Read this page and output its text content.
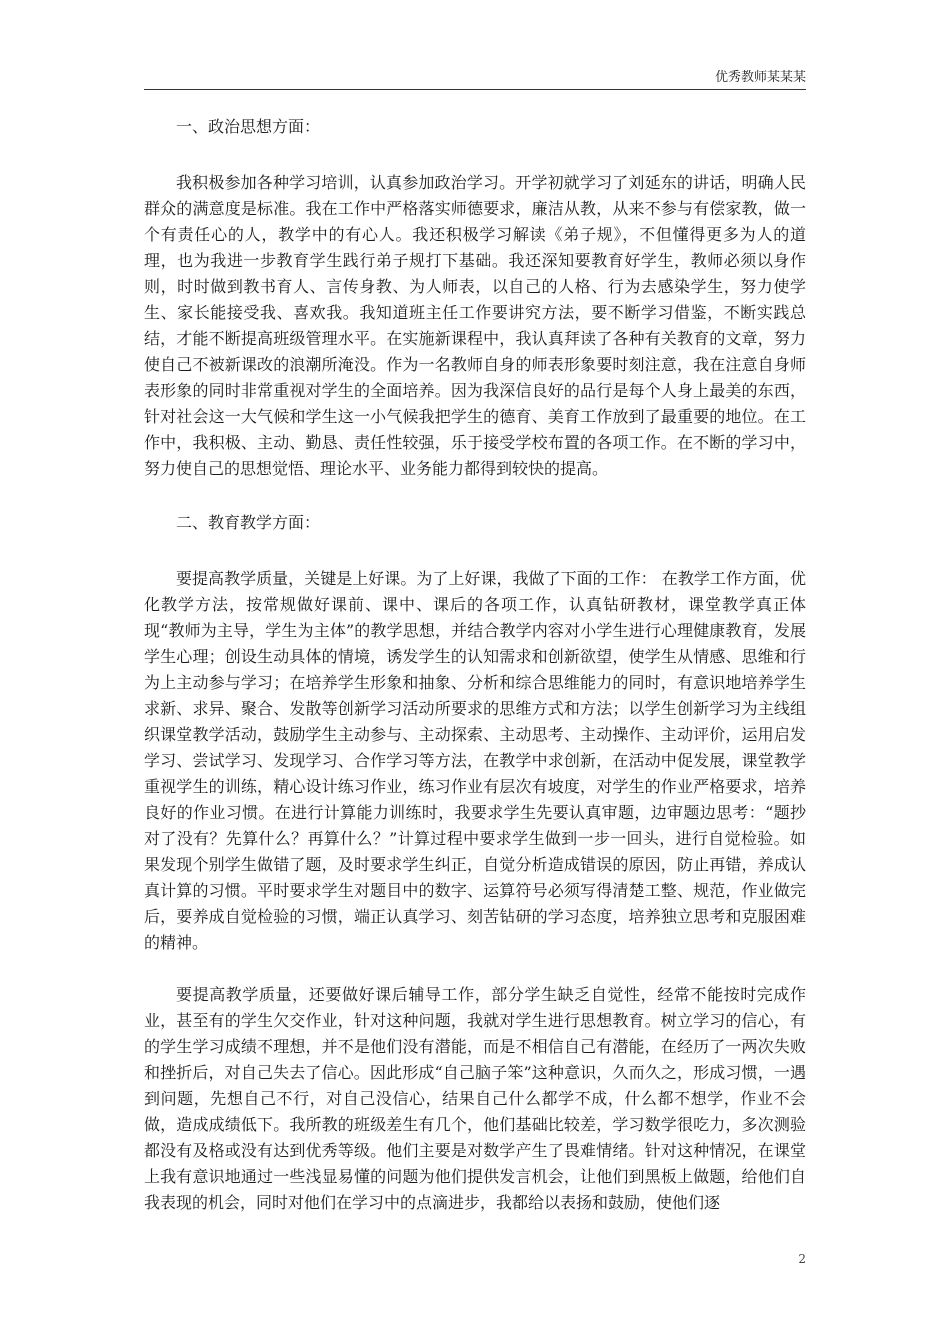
优秀教师某某某
一、政治思想方面：

我积极参加各种学习培训，认真参加政治学习。开学初就学习了刘延东的讲话，明确人民群众的满意度是标准。我在工作中严格落实师德要求，廉洁从教，从来不参与有偿家教，做一个有责任心的人，教学中的有心人。我还积极学习解读《弟子规》，不但懂得更多为人的道理，也为我进一步教育学生践行弟子规打下基础。我还深知要教育好学生，教师必须以身作则，时时做到教书育人、言传身教、为人师表，以自己的人格、行为去感染学生，努力使学生、家长能接受我、喜欢我。我知道班主任工作要讲究方法，要不断学习借鉴，不断实践总结，才能不断提高班级管理水平。在实施新课程中，我认真拜读了各种有关教育的文章，努力使自己不被新课改的浪潮所淹没。作为一名教师自身的师表形象要时刻注意，我在注意自身师表形象的同时非常重视对学生的全面培养。因为我深信良好的品行是每个人身上最美的东西，针对社会这一大气候和学生这一小气候我把学生的德育、美育工作放到了最重要的地位。在工作中，我积极、主动、勤恳、责任性较强，乐于接受学校布置的各项工作。在不断的学习中，努力使自己的思想觉悟、理论水平、业务能力都得到较快的提高。

二、教育教学方面：

要提高教学质量，关键是上好课。为了上好课，我做了下面的工作： 在教学工作方面，优化教学方法，按常规做好课前、课中、课后的各项工作，认真钻研教材，课堂教学真正体现“教师为主导，学生为主体”的教学思想，并结合教学内容对小学生进行心理健康教育，发展学生心理；创设生动具体的情境，诱发学生的认知需求和创新欲望，使学生从情感、思维和行为上主动参与学习；在培养学生形象和抽象、分析和综合思维能力的同时，有意识地培养学生求新、求异、聚合、发散等创新学习活动所要求的思维方式和方法；以学生创新学习为主线组织课堂教学活动，鼓励学生主动参与、主动探索、主动思考、主动操作、主动评价，运用启发学习、尝试学习、发现学习、合作学习等方法，在教学中求创新，在活动中促发展，课堂教学重视学生的训练，精心设计练习作业，练习作业有层次有坡度，对学生的作业严格要求，培养良好的作业习惯。在进行计算能力训练时，我要求学生先要认真审题，边审题边思考：“题抄对了没有？先算什么？再算什么？”计算过程中要求学生做到一步一回头，进行自觉检验。如果发现个别学生做错了题，及时要求学生纠正，自觉分析造成错误的原因，防止再错，养成认真计算的习惯。平时要求学生对题目中的数字、运算符号必须写得清楚工整、规范，作业做完后，要养成自觉检验的习惯，端正认真学习、刻苦钻研的学习态度，培养独立思考和克服困难的精神。

要提高教学质量，还要做好课后辅导工作，部分学生缺乏自觉性，经常不能按时完成作业，甚至有的学生欠交作业，针对这种问题，我就对学生进行思想教育。树立学习的信心，有的学生学习成绩不理想，并不是他们没有潜能，而是不相信自己有潜能，在经历了一两次失败和挫折后，对自己失去了信心。因此形成“自己脑子笨”这种意识，久而久之，形成习惯，一遇到问题，先想自己不行，对自己没信心，结果自己什么都学不成，什么都不想学，作业不会做，造成成绩低下。我所教的班级差生有几个，他们基础比较差，学习数学很吃力，多次测验都没有及格或没有达到优秀等级。他们主要是对数学产生了畏难情绪。针对这种情况，在课堂上我有意识地通过一些浅显易懂的问题为他们提供发言机会，让他们到黑板上做题，给他们自我表现的机会，同时对他们在学习中的点滴进步，我都给以表扬和鼓励，使他们逐

2
